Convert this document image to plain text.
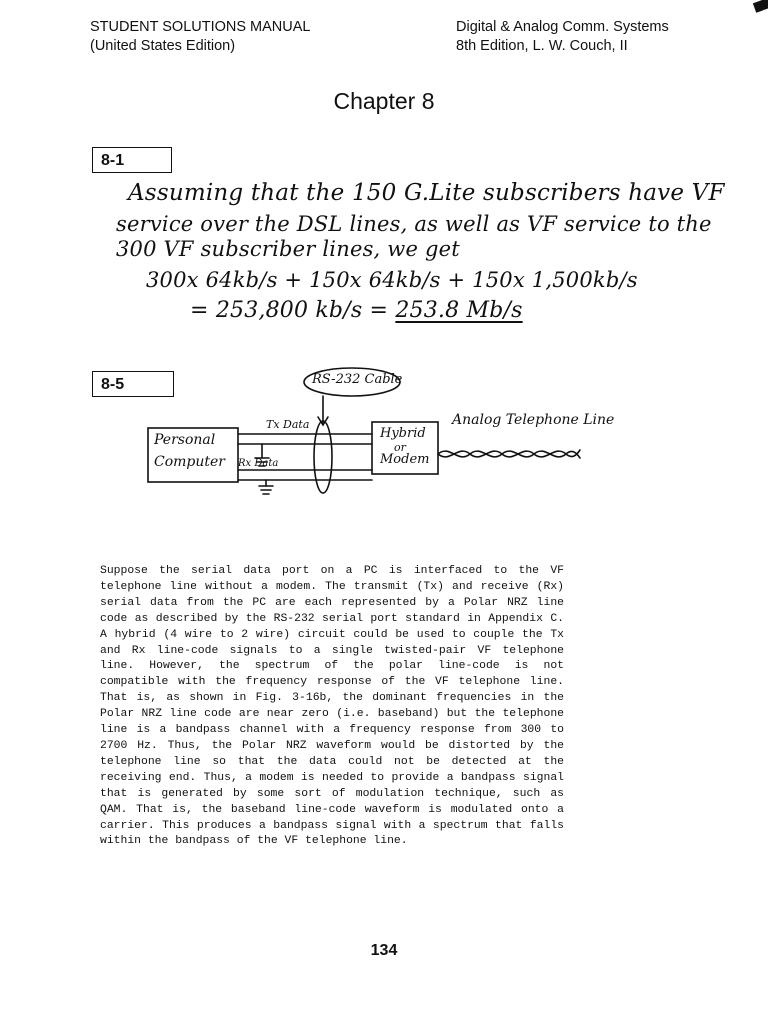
STUDENT SOLUTIONS MANUAL
(United States Edition)
Digital & Analog Comm. Systems
8th Edition, L. W. Couch, II
Chapter 8
8-1
Assuming that the 150 G.Lite subscribers have VF
service over the DSL lines, as well as VF service to the
300 VF subscriber lines, we get
300x 64kb/s + 150x 64kb/s + 150x 1,500kb/s
= 253,800 kb/s = 253.8 Mb/s
8-5	RS-232 Cable
Personal
Computer
Tx Data
Rx Data
Hybrid
or
Modem
Analog Telephone Line

Suppose the serial data port on a PC is interfaced to the VF telephone line without a modem. The transmit (Tx) and receive (Rx) serial data from the PC are each represented by a Polar NRZ line code as described by the RS-232 serial port standard in Appendix C. A hybrid (4 wire to 2 wire) circuit could be used to couple the Tx and Rx line-code signals to a single twisted-pair VF telephone line. However, the spectrum of the polar line-code is not compatible with the frequency response of the VF telephone line. That is, as shown in Fig. 3-16b, the dominant frequencies in the Polar NRZ line code are near zero (i.e. baseband) but the telephone line is a bandpass channel with a frequency response from 300 to 2700 Hz. Thus, the Polar NRZ waveform would be distorted by the telephone line so that the data could not be detected at the receiving end. Thus, a modem is needed to provide a bandpass signal that is generated by some sort of modulation technique, such as QAM. That is, the baseband line-code waveform is modulated onto a carrier. This produces a bandpass signal with a spectrum that falls within the bandpass of the VF telephone line.

134
